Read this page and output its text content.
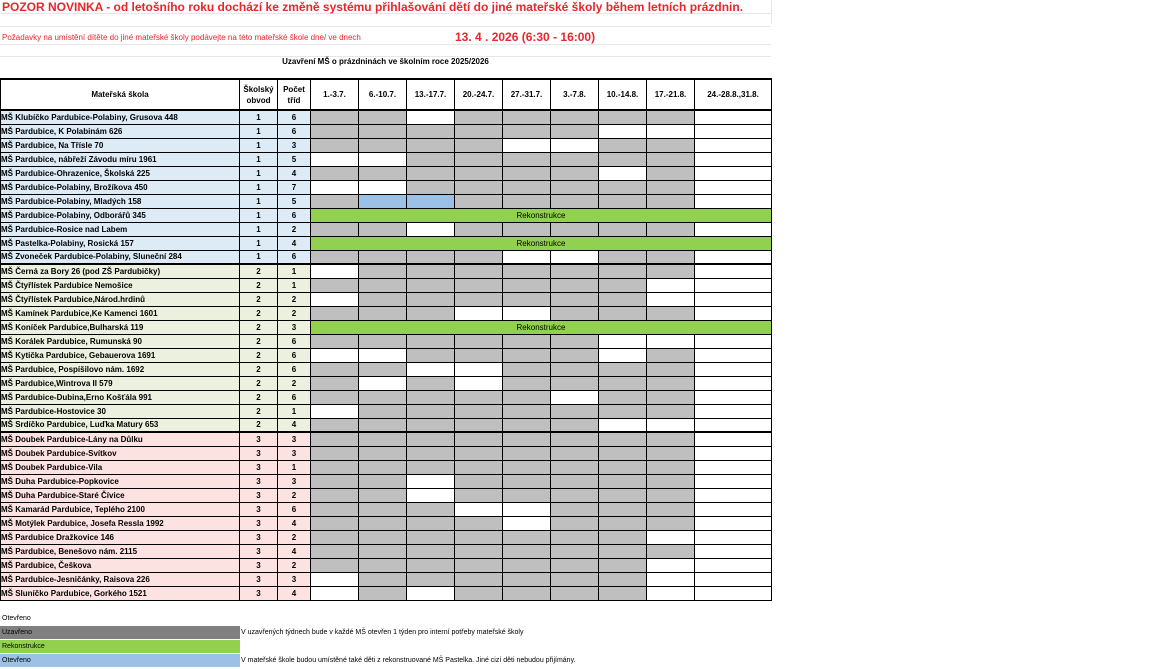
POZOR NOVINKA - od letošního roku dochází ke změně systému přihlašování dětí do jiné mateřské školy během letních prázdnin.
Požadavky na umístění dítěte do jiné mateřské školy podávejte na této mateřské škole dne/ ve dnech	13. 4 . 2026 (6:30 - 16:00)
Uzavření MŠ o prázdninách ve školním roce 2025/2026
Mateřská škola	Školský obvod	Počet tříd	1.-3.7.	6.-10.7.	13.-17.7.	20.-24.7.	27.-31.7.	3.-7.8.	10.-14.8.	17.-21.8.	24.-28.8.,31.8.
MŠ Klubíčko Pardubice-Polabiny, Grusova 448	1	6									
MŠ Pardubice, K Polabinám 626	1	6									
MŠ Pardubice, Na Třísle 70	1	3									
MŠ Pardubice, nábřeží Závodu míru 1961	1	5									
MŠ Pardubice-Ohrazenice, Školská 225	1	4									
MŠ Pardubice-Polabiny, Brožíkova 450	1	7									
MŠ Pardubice-Polabiny, Mladých 158	1	5									
MŠ Pardubice-Polabiny, Odborářů 345	1	6	Rekonstrukce								
MŠ Pardubice-Rosice nad Labem	1	2									
MŠ Pastelka-Polabiny, Rosická 157	1	4	Rekonstrukce								
MŠ Zvoneček Pardubice-Polabiny, Sluneční 284	1	6									
MŠ Černá za Bory 26 (pod ZŠ Pardubičky)	2	1									
MŠ Čtyřlístek Pardubice Nemošice	2	1									
MŠ Čtyřlístek Pardubice,Národ.hrdinů	2	2									
MŠ Kamínek Pardubice,Ke Kamenci 1601	2	2									
MŠ Koníček Pardubice,Bulharská 119	2	3	Rekonstrukce								
MŠ Korálek Pardubice, Rumunská 90	2	6									
MŠ Kytička Pardubice, Gebauerova 1691	2	6									
MŠ Pardubice, Pospíšilovo nám. 1692	2	6									
MŠ Pardubice,Wintrova II 579	2	2									
MŠ Pardubice-Dubina,Erno Košťála 991	2	6									
MŠ Pardubice-Hostovice 30	2	1									
MŠ Srdíčko Pardubice, Luďka Matury 653	2	4									
MŠ Doubek Pardubice-Lány na Důlku	3	3									
MŠ Doubek Pardubice-Svítkov	3	3									
MŠ Doubek Pardubice-Vila	3	1									
MŠ Duha Pardubice-Popkovice	3	3									
MŠ Duha Pardubice-Staré Čívice	3	2									
MŠ Kamarád Pardubice, Teplého 2100	3	6									
MŠ Motýlek Pardubice, Josefa Ressla 1992	3	4									
MŠ Pardubice Dražkovice 146	3	2									
MŠ Pardubice, Benešovo nám. 2115	3	4									
MŠ Pardubice, Češkova	3	2									
MŠ Pardubice-Jesničánky, Raisova 226	3	3									
MŠ Sluníčko Pardubice, Gorkého 1521	3	4									
Otevřeno
Uzavřeno
Rekonstrukce
Otevřeno
V uzavřených týdnech bude v každé MŠ otevřen 1 týden pro interní potřeby mateřské školy
V mateřské škole budou umístěné také děti z rekonstruované MŠ Pastelka. Jiné cizí děti nebudou přijímány.
